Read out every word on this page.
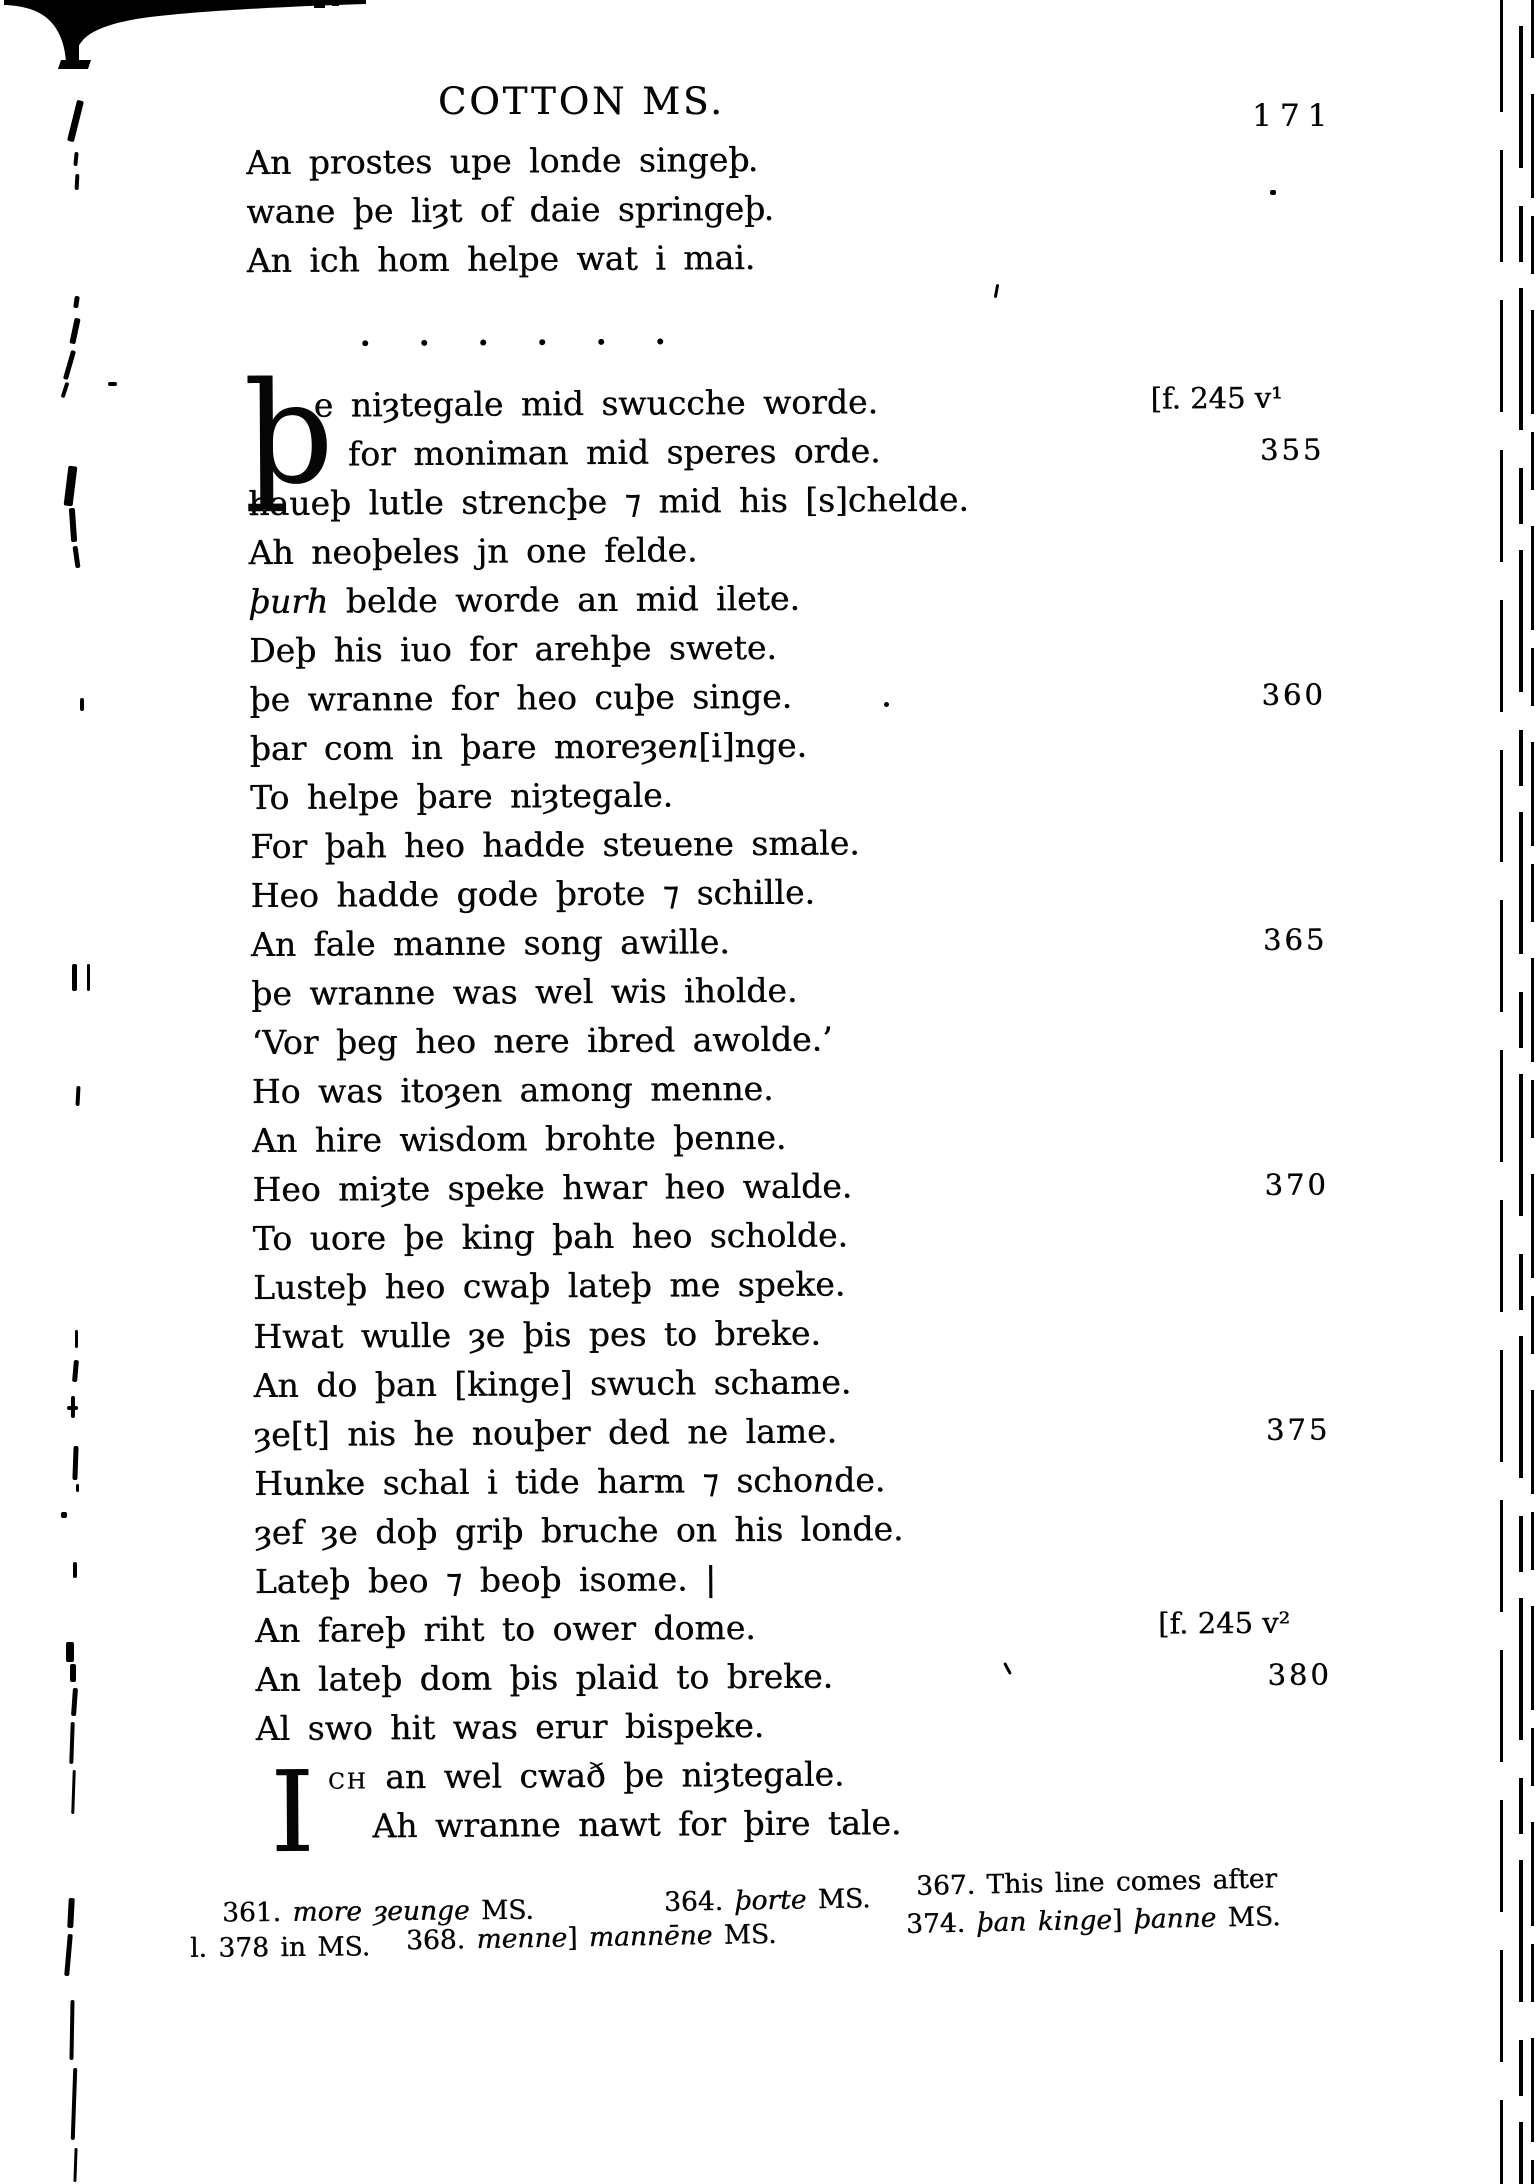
COTTON MS.	171
An prostes upe londe singeþ.
wane þe liȝt of daie springeþ.
An ich hom helpe wat i mai.
þ
e niȝtegale mid swucche worde.	[f. 245 v¹
for moniman mid speres orde.	355
haueþ lutle strencþe ⁊ mid his [s]chelde.
Ah neoþeles jn one felde.
þurh belde worde an mid ilete.
Deþ his iuo for arehþe swete.
þe wranne for heo cuþe singe.	360
þar com in þare moreȝen[i]nge.
To helpe þare niȝtegale.
For þah heo hadde steuene smale.
Heo hadde gode þrote ⁊ schille.
An fale manne song awille.	365
þe wranne was wel wis iholde.
‘Vor þeg heo nere ibred awolde.’
Ho was itoȝen among menne.
An hire wisdom brohte þenne.
Heo miȝte speke hwar heo walde.	370
To uore þe king þah heo scholde.
Lusteþ heo cwaþ lateþ me speke.
Hwat wulle ȝe þis pes to breke.
An do þan [kinge] swuch schame.
ȝe[t] nis he nouþer ded ne lame.	375
Hunke schal i tide harm ⁊ schonde.
ȝef ȝe doþ griþ bruche on his londe.
Lateþ beo ⁊ beoþ isome. |
An fareþ riht to ower dome.	[f. 245 v²
An lateþ dom þis plaid to breke.	380
Al swo hit was erur bispeke.
I CH an wel cwað þe niȝtegale.
Ah wranne nawt for þire tale.
361. more ȝeunge MS.	364. þorte MS. 367. This line comes after
l. 378 in MS. 368. menne] mannēne MS.	374. þan kinge] þanne MS.
